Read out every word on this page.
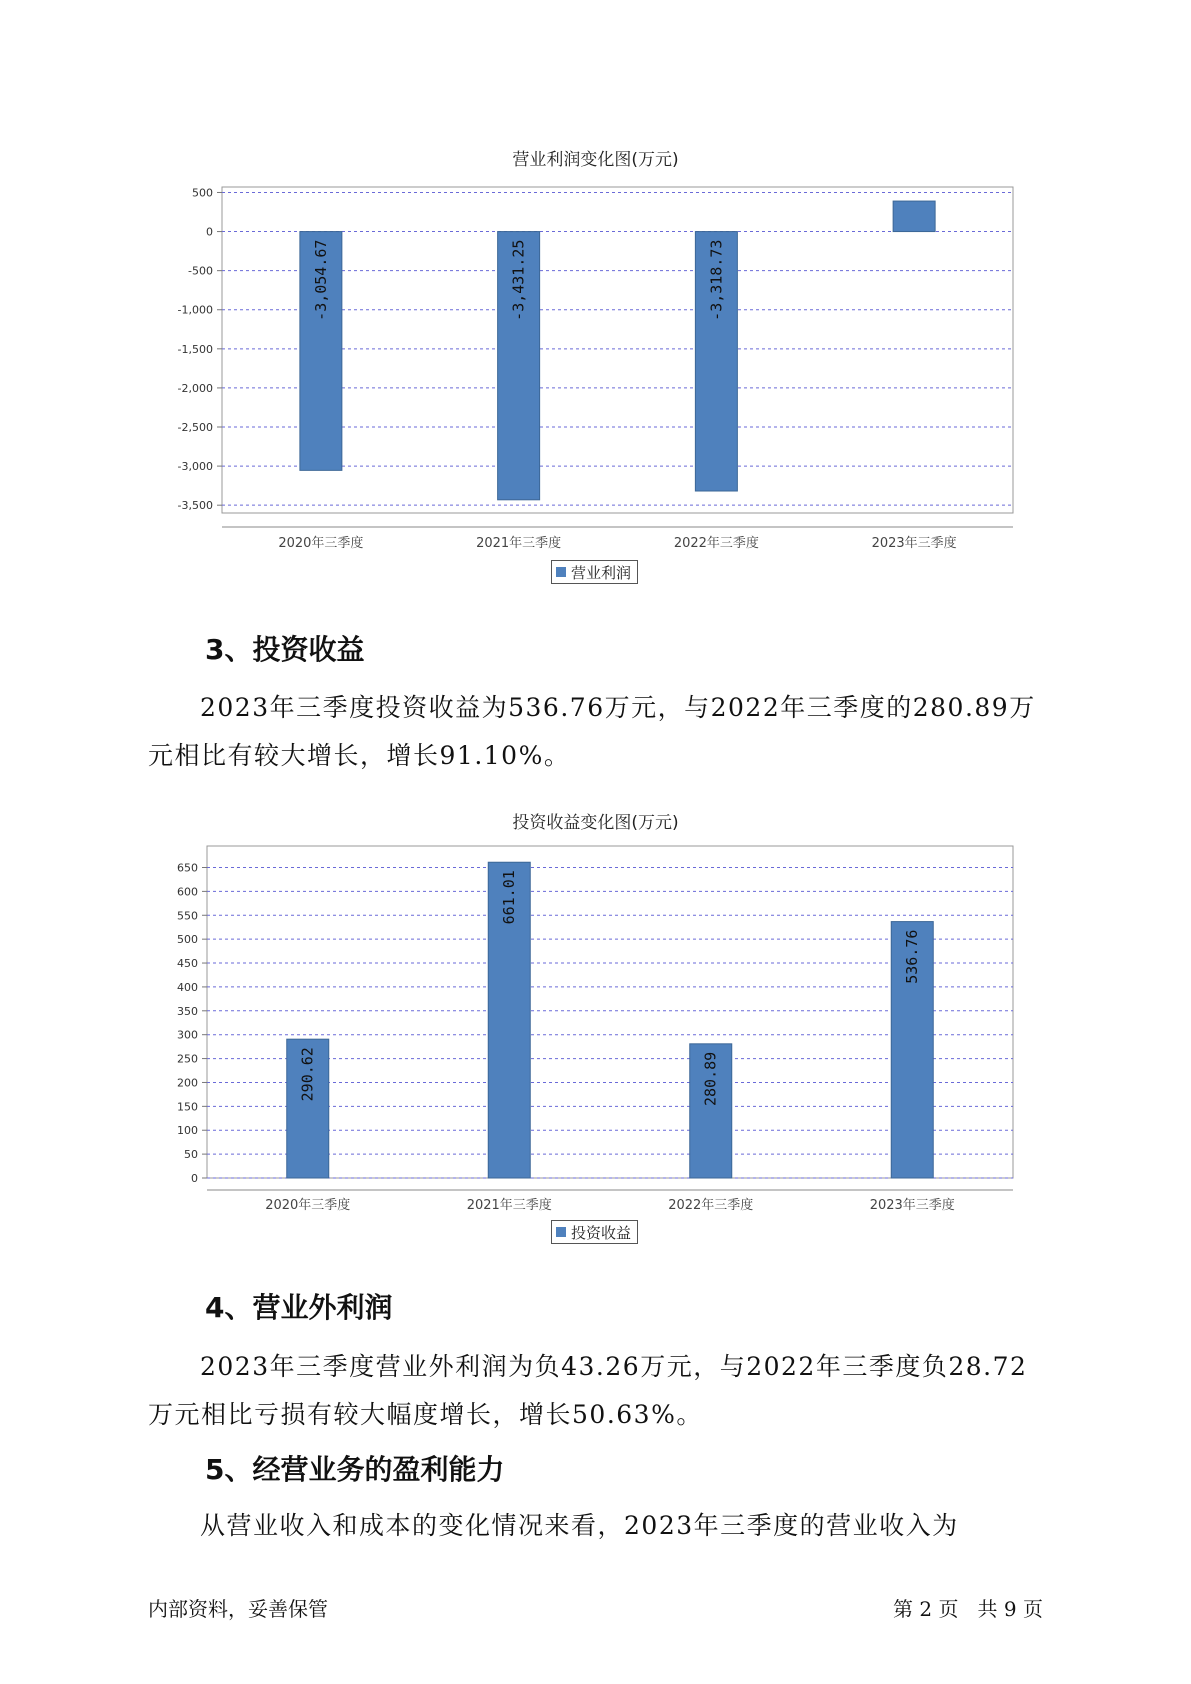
营业利润变化图(万元)
500
0
-500
-1,000
-1,500
-2,000
-2,500
-3,000
-3,500
-3,054.67
2020年三季度
-3,431.25
2021年三季度
-3,318.73
2022年三季度	2023年三季度
营业利润
3、投资收益

2023年三季度投资收益为536.76万元，与2022年三季度的280.89万元相比有较大增长，增长91.10%。

投资收益变化图(万元)
650
600
550
500
450
400
350
300
250
200
150
100
50
0
290.62
2020年三季度
661.01
2021年三季度
280.89
2022年三季度
536.76
2023年三季度
投资收益
4、营业外利润

2023年三季度营业外利润为负43.26万元，与2022年三季度负28.72万元相比亏损有较大幅度增长，增长50.63%。

5、经营业务的盈利能力

从营业收入和成本的变化情况来看，2023年三季度的营业收入为

内部资料，妥善保管	第 2 页   共 9 页
